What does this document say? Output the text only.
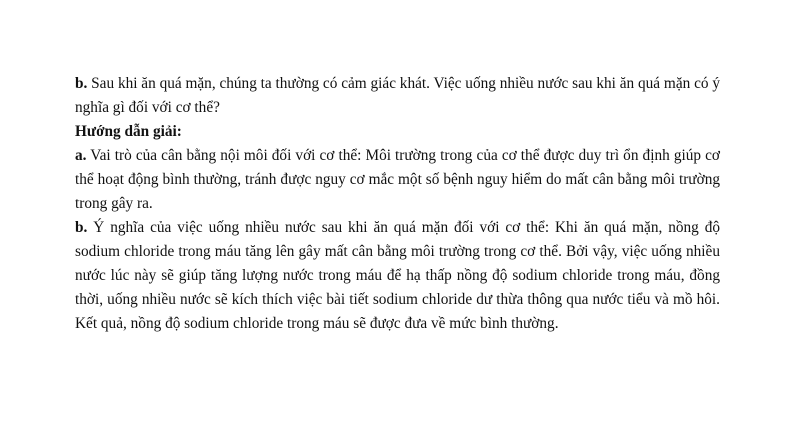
b. Sau khi ăn quá mặn, chúng ta thường có cảm giác khát. Việc uống nhiều nước sau khi ăn quá mặn có ý nghĩa gì đối với cơ thể?

Hướng dẫn giải:

a. Vai trò của cân bằng nội môi đối với cơ thể: Môi trường trong của cơ thể được duy trì ổn định giúp cơ thể hoạt động bình thường, tránh được nguy cơ mắc một số bệnh nguy hiểm do mất cân bằng môi trường trong gây ra.

b. Ý nghĩa của việc uống nhiều nước sau khi ăn quá mặn đối với cơ thể: Khi ăn quá mặn, nồng độ sodium chloride trong máu tăng lên gây mất cân bằng môi trường trong cơ thể. Bởi vậy, việc uống nhiều nước lúc này sẽ giúp tăng lượng nước trong máu để hạ thấp nồng độ sodium chloride trong máu, đồng thời, uống nhiều nước sẽ kích thích việc bài tiết sodium chloride dư thừa thông qua nước tiểu và mồ hôi. Kết quả, nồng độ sodium chloride trong máu sẽ được đưa về mức bình thường.
